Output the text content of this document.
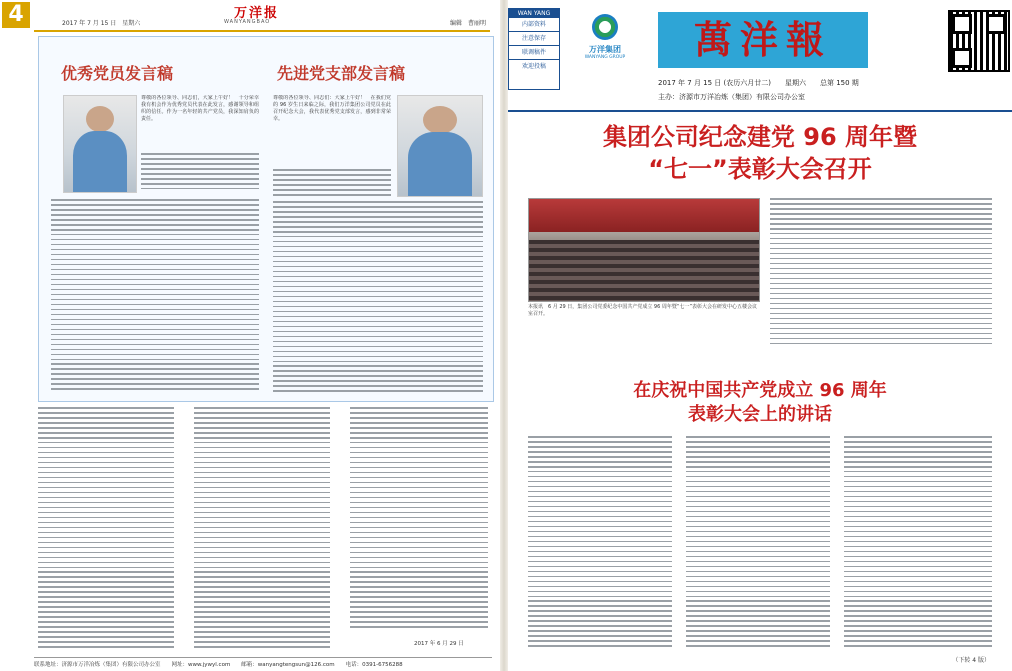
4	2017 年 7 月 15 日　星期六
万洋报
WANYANGBAO	编辑　曹丽明
优秀党员发言稿	先进党支部发言稿
尊敬的各位领导、同志们，大家上午好！　十分荣幸我有机会作为优秀党员代表在此发言，感谢领导和组织的信任。作为一名年轻的共产党员，我深知肩负的责任。
尊敬的各位领导、同志们：大家上午好！　在我们党的 96 岁生日来临之际，我们万洋集团公司党员在此召开纪念大会，我代表优秀党支部发言，感到非常荣幸。
2017 年 6 月 29 日
联系地址：济源市万洋冶炼（集团）有限公司办公室　　网址：www.jywyl.com　　邮箱：wanyangtengsun@126.com　　电话：0391-6756288
WAN YANG
内部资料
注意保存
联调稿件
欢迎投稿
万洋集团
WANYANG GROUP	萬洋報
2017 年 7 月 15 日 (农历六月廿二)　　星期六　　总第 150 期
主办：济源市万洋冶炼（集团）有限公司办公室
集团公司纪念建党 96 周年暨
“七一”表彰大会召开
本报讯　6 月 29 日，集团公司党委纪念中国共产党成立 96 周年暨“七一”表彰大会在研发中心五楼会议室召开。
在庆祝中国共产党成立 96 周年
表彰大会上的讲话
（下转 4 版）
